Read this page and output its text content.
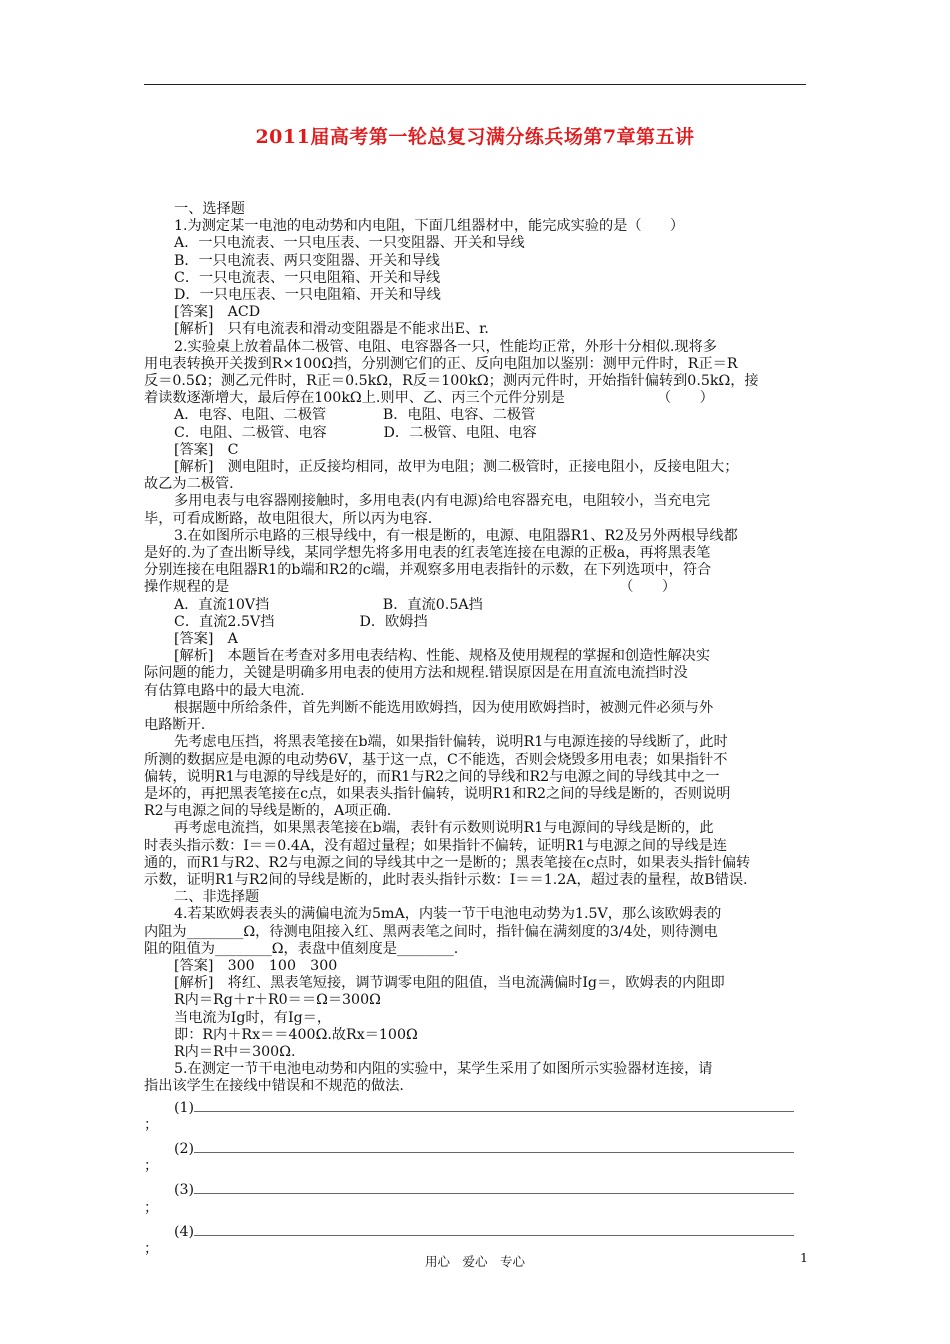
2011届高考第一轮总复习满分练兵场第7章第五讲
一、选择题
1.为测定某一电池的电动势和内电阻，下面几组器材中，能完成实验的是（　　）
A．一只电流表、一只电压表、一只变阻器、开关和导线
B．一只电流表、两只变阻器、开关和导线
C．一只电流表、一只电阻箱、开关和导线
D．一只电压表、一只电阻箱、开关和导线
[答案]　ACD
[解析]　只有电流表和滑动变阻器是不能求出E、r.
2.实验桌上放着晶体二极管、电阻、电容器各一只，性能均正常，外形十分相似.现将多
用电表转换开关拨到R×100Ω挡，分别测它们的正、反向电阻加以鉴别：测甲元件时，R正＝R
反＝0.5Ω；测乙元件时，R正＝0.5kΩ，R反＝100kΩ；测丙元件时，开始指针偏转到0.5kΩ，接
着读数逐渐增大，最后停在100kΩ上.则甲、乙、丙三个元件分别是　　　　　　　（　　）
A．电容、电阻、二极管　　　　B．电阻、电容、二极管
C．电阻、二极管、电容　　　　D．二极管、电阻、电容
[答案]　C
[解析]　测电阻时，正反接均相同，故甲为电阻；测二极管时，正接电阻小，反接电阻大；
故乙为二极管.
多用电表与电容器刚接触时，多用电表(内有电源)给电容器充电，电阻较小，当充电完
毕，可看成断路，故电阻很大，所以丙为电容.
3.在如图所示电路的三根导线中，有一根是断的，电源、电阻器R1、R2及另外两根导线都
是好的.为了查出断导线，某同学想先将多用电表的红表笔连接在电源的正极a，再将黑表笔
分别连接在电阻器R1的b端和R2的c端，并观察多用电表指针的示数，在下列选项中，符合
操作规程的是　　　　　　　　　　　　　　　　　　　　　　　　　　　　（　　）
A．直流10V挡　　　　　　　　B．直流0.5A挡
C．直流2.5V挡　　　　　　D．欧姆挡
[答案]　A
[解析]　本题旨在考查对多用电表结构、性能、规格及使用规程的掌握和创造性解决实
际问题的能力，关键是明确多用电表的使用方法和规程.错误原因是在用直流电流挡时没
有估算电路中的最大电流.
根据题中所给条件，首先判断不能选用欧姆挡，因为使用欧姆挡时，被测元件必须与外
电路断开.
先考虑电压挡，将黑表笔接在b端，如果指针偏转，说明R1与电源连接的导线断了，此时
所测的数据应是电源的电动势6V，基于这一点，C不能选，否则会烧毁多用电表；如果指针不
偏转，说明R1与电源的导线是好的，而R1与R2之间的导线和R2与电源之间的导线其中之一
是坏的，再把黑表笔接在c点，如果表头指针偏转，说明R1和R2之间的导线是断的，否则说明
R2与电源之间的导线是断的，A项正确.
再考虑电流挡，如果黑表笔接在b端，表针有示数则说明R1与电源间的导线是断的，此
时表头指示数：I＝＝0.4A，没有超过量程；如果指针不偏转，证明R1与电源之间的导线是连
通的，而R1与R2、R2与电源之间的导线其中之一是断的；黑表笔接在c点时，如果表头指针偏转
示数，证明R1与R2间的导线是断的，此时表头指针示数：I＝＝1.2A，超过表的量程，故B错误.
二、非选择题
4.若某欧姆表表头的满偏电流为5mA，内装一节干电池电动势为1.5V，那么该欧姆表的
内阻为________Ω，待测电阻接入红、黑两表笔之间时，指针偏在满刻度的3/4处，则待测电
阻的阻值为________Ω，表盘中值刻度是________.
[答案]　300　100　300
[解析]　将红、黑表笔短接，调节调零电阻的阻值，当电流满偏时Ig＝，欧姆表的内阻即
R内＝Rg＋r＋R0＝＝Ω＝300Ω
当电流为Ig时，有Ig＝，
即：R内＋Rx＝＝400Ω.故Rx＝100Ω
R内＝R中＝300Ω.
5.在测定一节干电池电动势和内阻的实验中，某学生采用了如图所示实验器材连接，请
指出该学生在接线中错误和不规范的做法.
(1)
；
(2)
；
(3)
；
(4)
；
用心　爱心　专心	1
